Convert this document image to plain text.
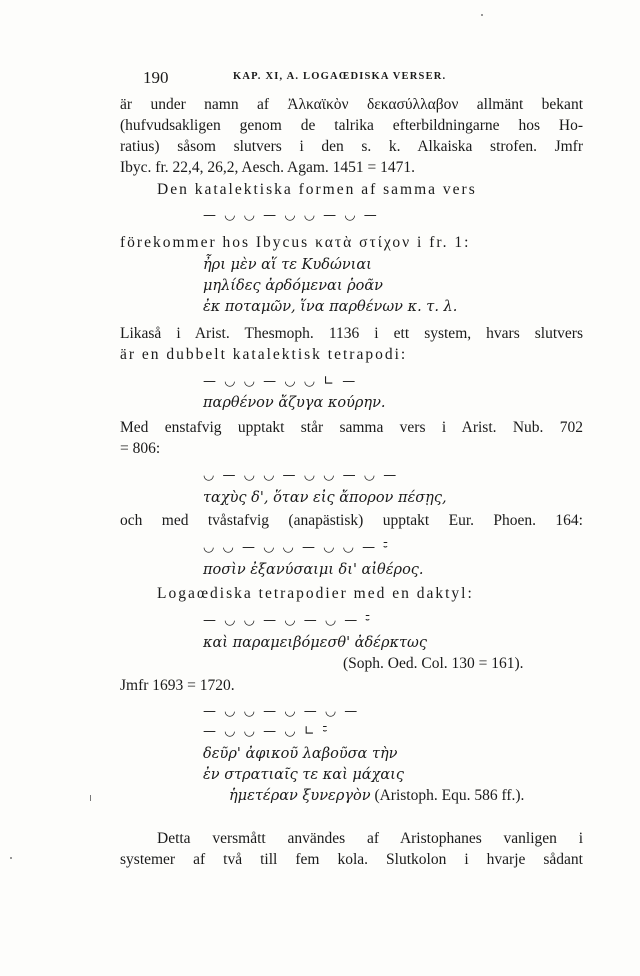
190	KAP. XI, A. LOGAŒDISKA VERSER.
är under namn af Ἀλκαϊκὸν δεκασύλλαβον allmänt bekant
(hufvudsakligen genom de talrika efterbildningarne hos Ho-
ratius) såsom slutvers i den s. k. Alkaiska strofen. Jmfr
Ibyc. fr. 22,4, 26,2, Aesch. Agam. 1451 = 1471.
Den katalektiska formen af samma vers
— ◡ ◡ — ◡ ◡ — ◡ —
förekommer hos Ibycus κατὰ στίχον i fr. 1:
ἦρι μὲν αἵ τε Κυδώνιαι
μηλίδες ἀρδόμεναι ῥοᾶν
ἐκ ποταμῶν, ἵνα παρθένων κ. τ. λ.
Likaså i Arist. Thesmoph. 1136 i ett system, hvars slutvers
är en dubbelt katalektisk tetrapodi:
— ◡ ◡ — ◡ ◡ ∟ —
παρθένον ἄζυγα κούρην.
Med enstafvig upptakt står samma vers i Arist. Nub. 702
= 806:
◡ — ◡ ◡ — ◡ ◡ — ◡ —
ταχὺς δ', ὅταν εἰς ἄπορον πέσῃς,
och med tvåstafvig (anapästisk) upptakt Eur. Phoen. 164:
◡ ◡ — ◡ ◡ — ◡ ◡ — ⏑̄
ποσὶν ἐξανύσαιμι δι' αἰθέρος.
Logaœdiska tetrapodier med en daktyl:
— ◡ ◡ — ◡ — ◡ — ⏑̄
καὶ παραμειβόμεσθ' ἀδέρκτως
(Soph. Oed. Col. 130 = 161).
Jmfr 1693 = 1720.
— ◡ ◡ — ◡ — ◡ —
— ◡ ◡ — ◡ ∟ ⏑̄
δεῦρ' ἀφικοῦ λαβοῦσα τὴν
ἐν στρατιαῖς τε καὶ μάχαις
ἡμετέραν ξυνεργὸν (Aristoph. Equ. 586 ff.).
Detta versmått användes af Aristophanes vanligen i
systemer af två till fem kola. Slutkolon i hvarje sådant
